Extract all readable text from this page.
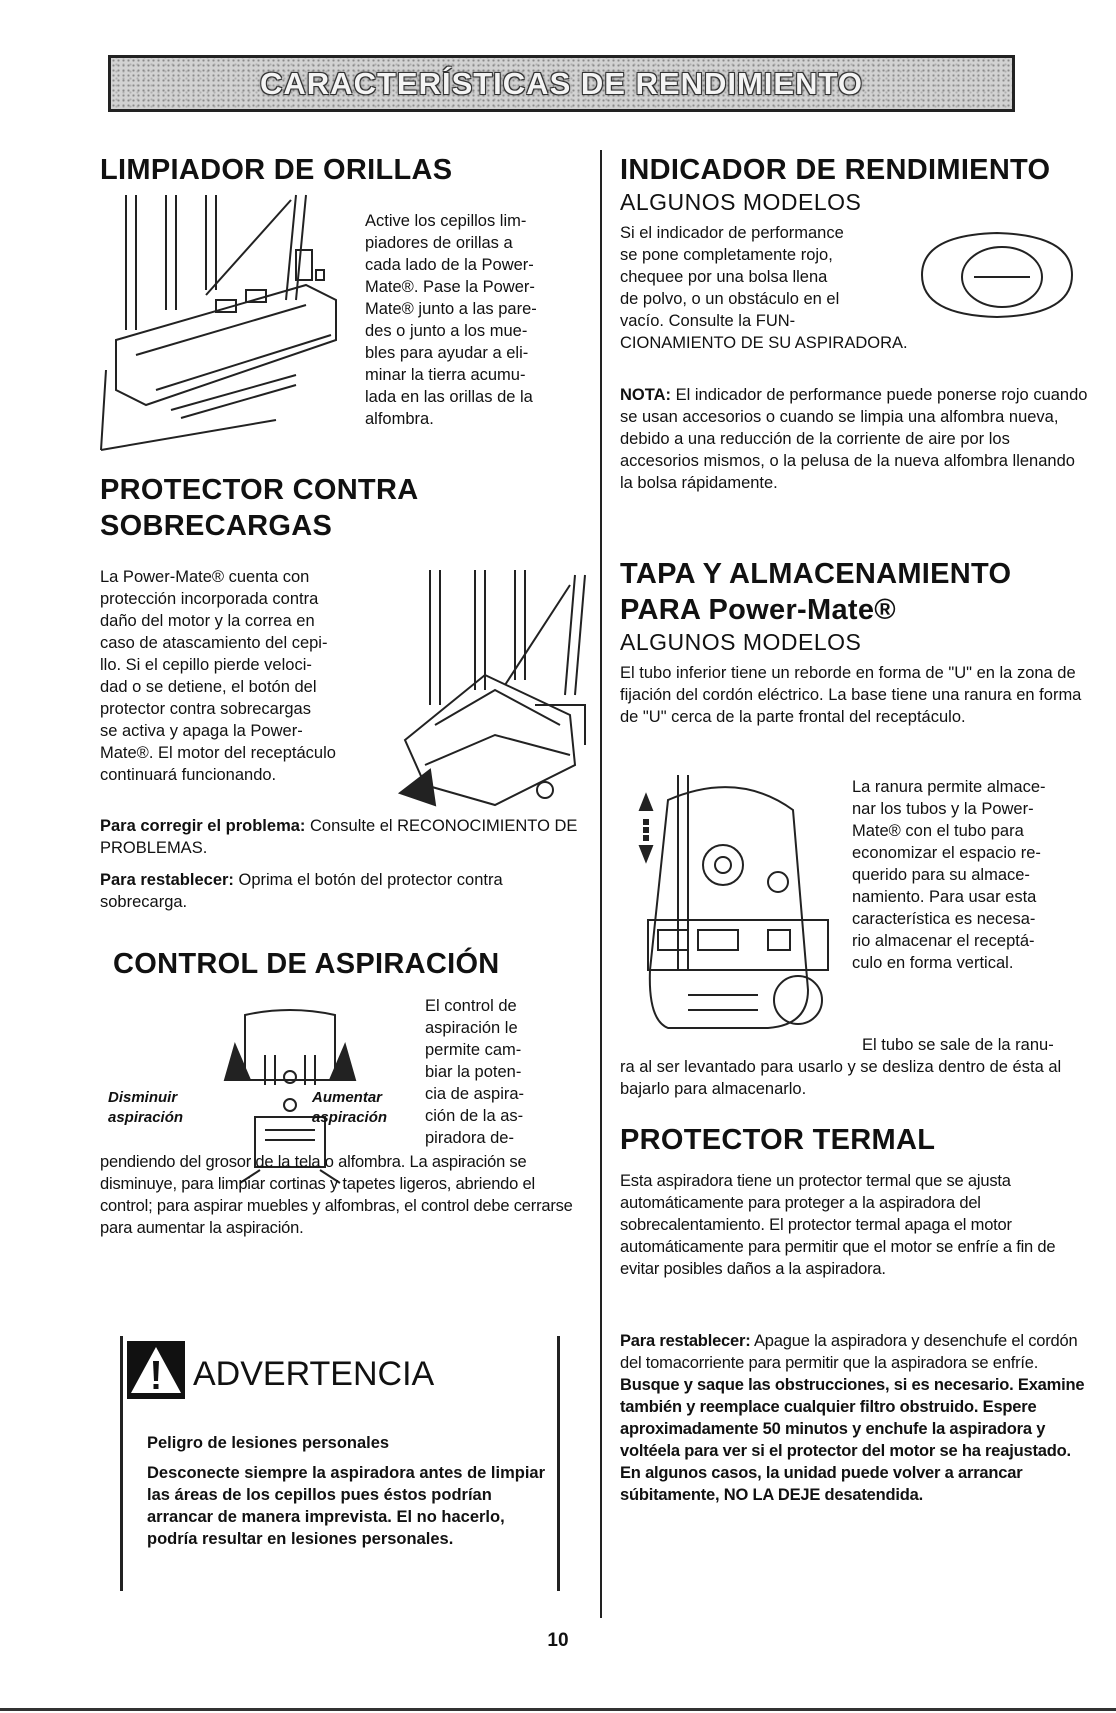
CARACTERÍSTICAS DE RENDIMIENTO
LIMPIADOR DE ORILLAS

Active los cepillos lim-

piadores de orillas a

cada lado de la Power-

Mate®. Pase la Power-

Mate® junto a las pare-

des o junto a los mue-

bles para ayudar a eli-

minar la tierra acumu-

lada en las orillas de la

alfombra.

PROTECTOR CONTRA
SOBRECARGAS

La Power-Mate® cuenta con

protección incorporada contra

daño del motor y la correa en

caso de atascamiento del cepi-

llo. Si el cepillo pierde veloci-

dad o se detiene, el botón del

protector contra sobrecargas

se activa y apaga la Power-

Mate®. El motor del receptáculo

continuará funcionando.

Para corregir el problema: Consulte el RECONOCIMIENTO DE PROBLEMAS.

Para restablecer: Oprima el botón del protector contra sobrecarga.

CONTROL DE ASPIRACIÓN
Disminuir
aspiración
Aumentar
aspiración

El control de

aspiración le

permite cam-

biar la poten-

cia de aspira-

ción de la as-

piradora de-

pendiendo del grosor de la tela o alfombra. La aspiración se disminuye, para limpiar cortinas y tapetes ligeros, abriendo el control; para aspirar muebles y alfombras, el control debe cerrarse para aumentar la aspiración.

ADVERTENCIA
Peligro de lesiones personales
Desconecte siempre la aspiradora antes de limpiar las áreas de los cepillos pues éstos podrían arrancar de manera imprevista. El no hacerlo, podría resultar en lesiones personales.
INDICADOR DE RENDIMIENTO
ALGUNOS MODELOS

Si el indicador de performance

se pone completamente rojo,

chequee por una bolsa llena

de polvo, o un obstáculo en el

vacío. Consulte la FUN-

CIONAMIENTO DE SU ASPIRADORA.

NOTA: El indicador de performance puede ponerse rojo cuando se usan accesorios o cuando se limpia una alfombra nueva, debido a una reducción de la corriente de aire por los accesorios mismos, o la pelusa de la nueva alfombra llenando la bolsa rápidamente.

TAPA Y ALMACENAMIENTO
PARA Power-Mate®
ALGUNOS MODELOS

El tubo inferior tiene un reborde en forma de "U" en la zona de fijación del cordón eléctrico. La base tiene una ranura en forma de "U" cerca de la parte frontal del receptáculo.

La ranura permite almace-

nar los tubos y la Power-

Mate® con el tubo para

economizar el espacio re-

querido para su almace-

namiento. Para usar esta

característica es necesa-

rio almacenar el receptá-

culo en forma vertical.

El tubo se sale de la ranu-

ra al ser levantado para usarlo y se desliza dentro de ésta al bajarlo para almacenarlo.

PROTECTOR TERMAL

Esta aspiradora tiene un protector termal que se ajusta automáticamente para proteger a la aspiradora del sobrecalentamiento. El protector termal apaga el motor automáticamente para permitir que el motor se enfríe a fin de evitar posibles daños a la aspiradora.

Para restablecer: Apague la aspiradora y desenchufe el cordón del tomacorriente para permitir que la aspiradora se enfríe. Busque y saque las obstrucciones, si es necesario. Examine también y reemplace cualquier filtro obstruido. Espere aproximadamente 50 minutos y enchufe la aspiradora y voltéela para ver si el protector del motor se ha reajustado. En algunos casos, la unidad puede volver a arrancar súbitamente, NO LA DEJE desatendida.

10
